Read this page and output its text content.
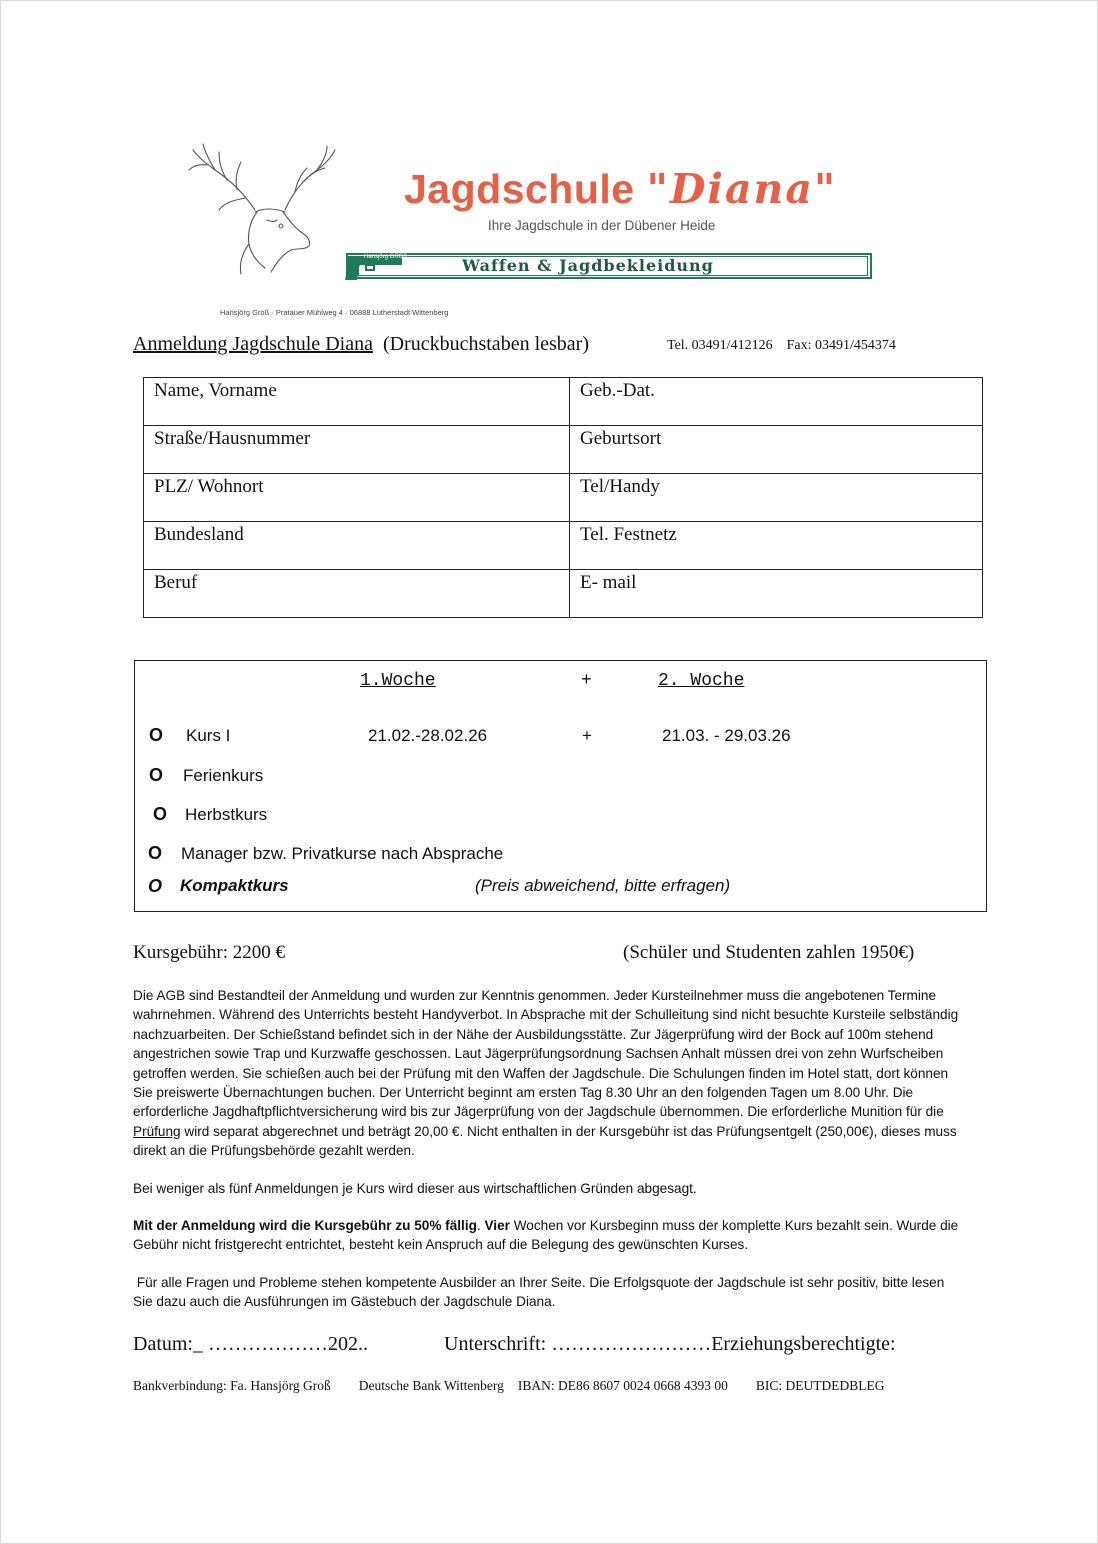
Jagdschule "Diana"
Ihre Jagdschule in der Dübener Heide
Hansjörg GROß	Waffen & Jagdbekleidung
Hansjörg Groß · Pratauer Mühlweg 4 · 06888 Lutherstadt Wittenberg
Anmeldung Jagdschule Diana (Druckbuchstaben lesbar)	Tel. 03491/412126 Fax: 03491/454374
Name, Vorname	Geb.-Dat.
Straße/Hausnummer	Geburtsort
PLZ/ Wohnort	Tel/Handy
Bundesland	Tel. Festnetz
Beruf	E- mail
1.Woche	+	2. Woche
O Kurs I	21.02.-28.02.26	+	21.03. - 29.03.26
O Ferienkurs
O Herbstkurs
O Manager bzw. Privatkurse nach Absprache
O Kompaktkurs	(Preis abweichend, bitte erfragen)
Kursgebühr: 2200 €	(Schüler und Studenten zahlen 1950€)
Die AGB sind Bestandteil der Anmeldung und wurden zur Kenntnis genommen. Jeder Kursteilnehmer muss die angebotenen Termine wahrnehmen. Während des Unterrichts besteht Handyverbot. In Absprache mit der Schulleitung sind nicht besuchte Kursteile selbständig nachzuarbeiten. Der Schießstand befindet sich in der Nähe der Ausbildungsstätte. Zur Jägerprüfung wird der Bock auf 100m stehend angestrichen sowie Trap und Kurzwaffe geschossen. Laut Jägerprüfungsordnung Sachsen Anhalt müssen drei von zehn Wurfscheiben getroffen werden. Sie schießen auch bei der Prüfung mit den Waffen der Jagdschule. Die Schulungen finden im Hotel statt, dort können Sie preiswerte Übernachtungen buchen. Der Unterricht beginnt am ersten Tag 8.30 Uhr an den folgenden Tagen um 8.00 Uhr. Die erforderliche Jagdhaftpflichtversicherung wird bis zur Jägerprüfung von der Jagdschule übernommen. Die erforderliche Munition für die Prüfung wird separat abgerechnet und beträgt 20,00 €. Nicht enthalten in der Kursgebühr ist das Prüfungsentgelt (250,00€), dieses muss direkt an die Prüfungsbehörde gezahlt werden.
Bei weniger als fünf Anmeldungen je Kurs wird dieser aus wirtschaftlichen Gründen abgesagt.
Mit der Anmeldung wird die Kursgebühr zu 50% fällig. Vier Wochen vor Kursbeginn muss der komplette Kurs bezahlt sein. Wurde die Gebühr nicht fristgerecht entrichtet, besteht kein Anspruch auf die Belegung des gewünschten Kurses.
Für alle Fragen und Probleme stehen kompetente Ausbilder an Ihrer Seite. Die Erfolgsquote der Jagdschule ist sehr positiv, bitte lesen Sie dazu auch die Ausführungen im Gästebuch der Jagdschule Diana.
Datum:_ ………………202..	Unterschrift: ……………………Erziehungsberechtigte:
Bankverbindung: Fa. Hansjörg Groß Deutsche Bank Wittenberg IBAN: DE86 8607 0024 0668 4393 00 BIC: DEUTDEDBLEG
